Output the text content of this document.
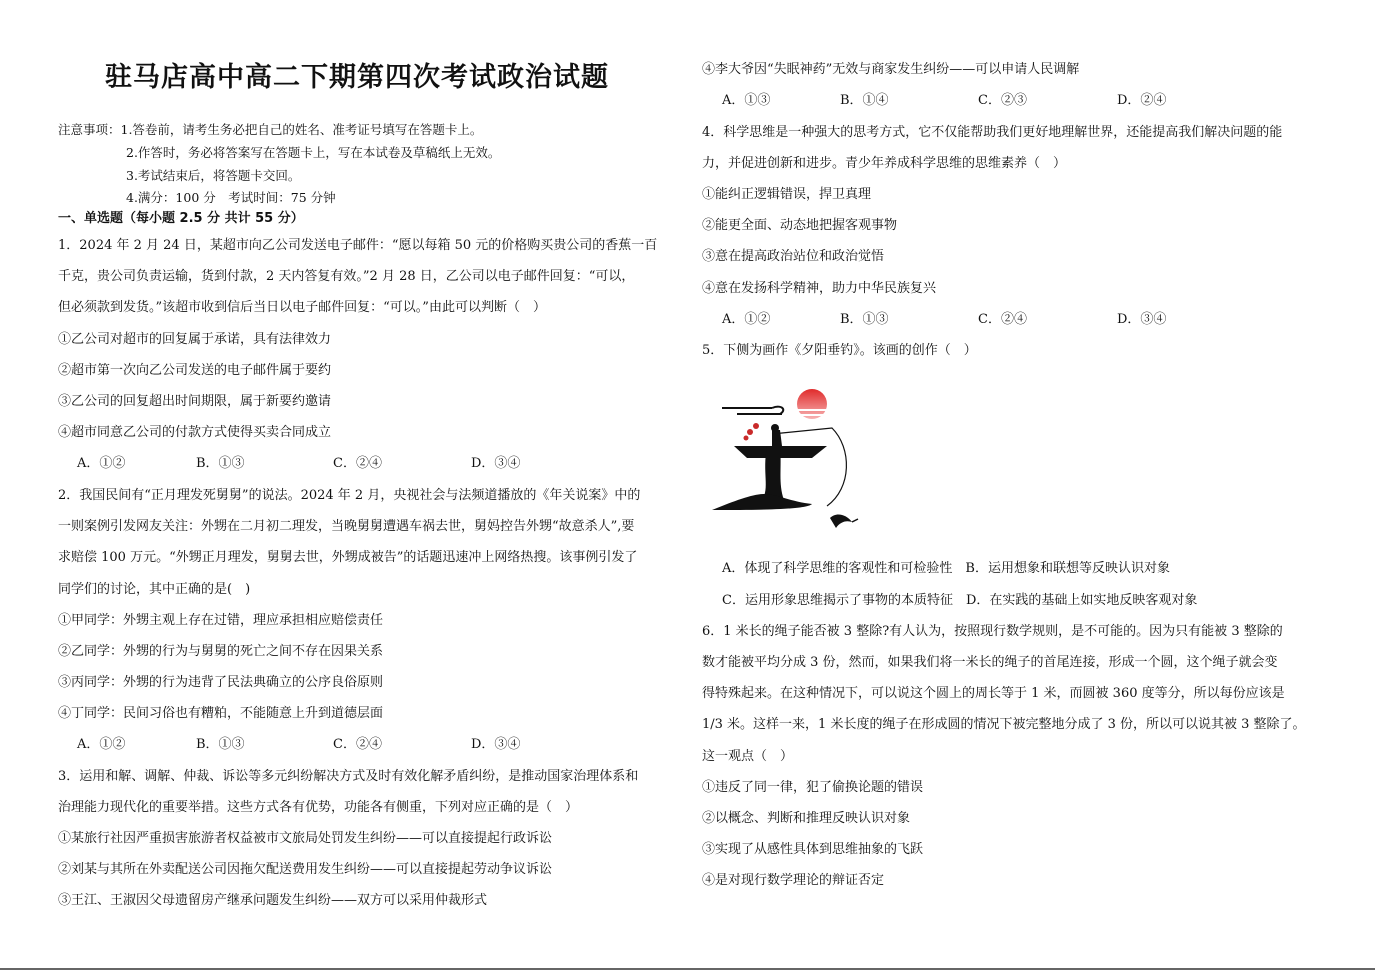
驻马店高中高二下期第四次考试政治试题
注意事项：1.答卷前，请考生务必把自己的姓名、准考证号填写在答题卡上。
2.作答时，务必将答案写在答题卡上，写在本试卷及草稿纸上无效。
3.考试结束后，将答题卡交回。
4.满分：100 分　考试时间：75 分钟
一、单选题（每小题 2.5 分 共计 55 分）
1．2024 年 2 月 24 日，某超市向乙公司发送电子邮件：“愿以每箱 50 元的价格购买贵公司的香蕉一百
千克，贵公司负责运输，货到付款，2 天内答复有效。”2 月 28 日，乙公司以电子邮件回复：“可以，
但必须款到发货。”该超市收到信后当日以电子邮件回复：“可以。”由此可以判断（　）
①乙公司对超市的回复属于承诺，具有法律效力
②超市第一次向乙公司发送的电子邮件属于要约
③乙公司的回复超出时间期限，属于新要约邀请
④超市同意乙公司的付款方式使得买卖合同成立
A．①②	B．①③	C．②④	D．③④
2．我国民间有“正月理发死舅舅”的说法。2024 年 2 月，央视社会与法频道播放的《年关说案》中的
一则案例引发网友关注：外甥在二月初二理发，当晚舅舅遭遇车祸去世，舅妈控告外甥“故意杀人”,要
求赔偿 100 万元。“外甥正月理发，舅舅去世，外甥成被告”的话题迅速冲上网络热搜。该事例引发了
同学们的讨论，其中正确的是(　)
①甲同学：外甥主观上存在过错，理应承担相应赔偿责任
②乙同学：外甥的行为与舅舅的死亡之间不存在因果关系
③丙同学：外甥的行为违背了民法典确立的公序良俗原则
④丁同学：民间习俗也有糟粕，不能随意上升到道德层面
A．①②	B．①③	C．②④	D．③④
3．运用和解、调解、仲裁、诉讼等多元纠纷解决方式及时有效化解矛盾纠纷，是推动国家治理体系和
治理能力现代化的重要举措。这些方式各有优势，功能各有侧重，下列对应正确的是（　）
①某旅行社因严重损害旅游者权益被市文旅局处罚发生纠纷——可以直接提起行政诉讼
②刘某与其所在外卖配送公司因拖欠配送费用发生纠纷——可以直接提起劳动争议诉讼
③王江、王淑因父母遗留房产继承问题发生纠纷——双方可以采用仲裁形式
④李大爷因“失眠神药”无效与商家发生纠纷——可以申请人民调解
A．①③	B．①④	C．②③	D．②④
4．科学思维是一种强大的思考方式，它不仅能帮助我们更好地理解世界，还能提高我们解决问题的能
力，并促进创新和进步。青少年养成科学思维的思维素养（　）
①能纠正逻辑错误，捍卫真理
②能更全面、动态地把握客观事物
③意在提高政治站位和政治觉悟
④意在发扬科学精神，助力中华民族复兴
A．①②	B．①③	C．②④	D．③④
5．下侧为画作《夕阳垂钓》。该画的创作（　）
A．体现了科学思维的客观性和可检验性　B．运用想象和联想等反映认识对象
C．运用形象思维揭示了事物的本质特征　D．在实践的基础上如实地反映客观对象
6．1 米长的绳子能否被 3 整除?有人认为，按照现行数学规则，是不可能的。因为只有能被 3 整除的
数才能被平均分成 3 份，然而，如果我们将一米长的绳子的首尾连接，形成一个圆，这个绳子就会变
得特殊起来。在这种情况下，可以说这个圆上的周长等于 1 米，而圆被 360 度等分，所以每份应该是
1/3 米。这样一来，1 米长度的绳子在形成圆的情况下被完整地分成了 3 份，所以可以说其被 3 整除了。
这一观点（　）
①违反了同一律，犯了偷换论题的错误
②以概念、判断和推理反映认识对象
③实现了从感性具体到思维抽象的飞跃
④是对现行数学理论的辩证否定
